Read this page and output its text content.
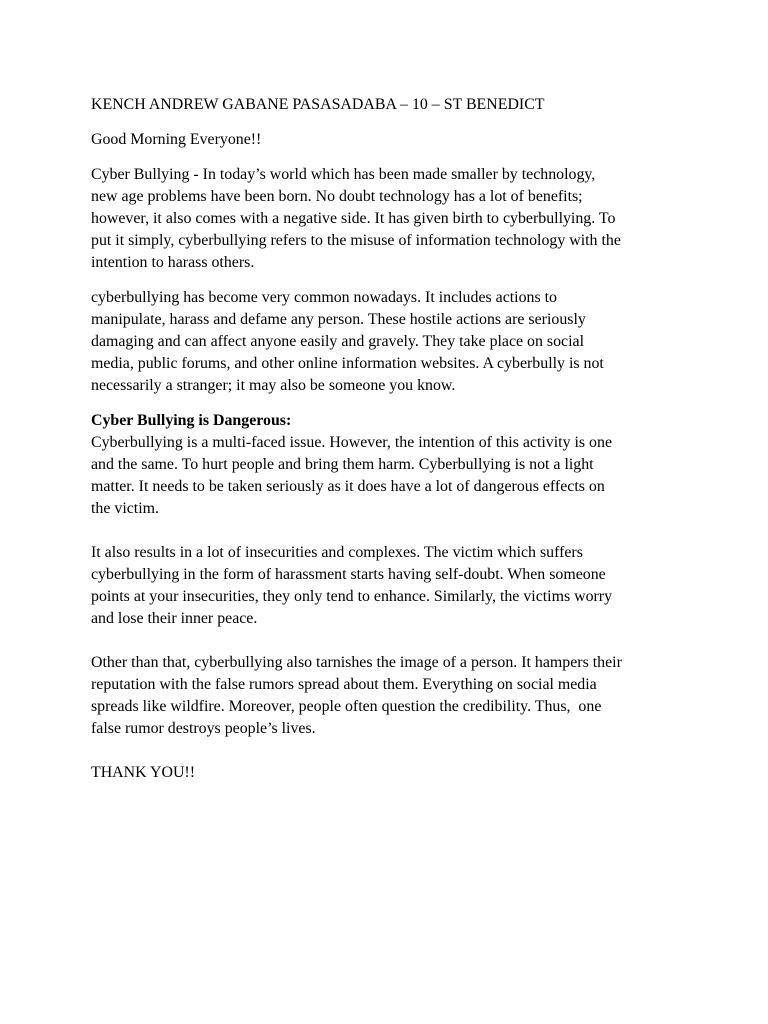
KENCH ANDREW GABANE PASASADABA – 10 – ST BENEDICT
Good Morning Everyone!!
Cyber Bullying - In today’s world which has been made smaller by technology,
new age problems have been born. No doubt technology has a lot of benefits;
however, it also comes with a negative side. It has given birth to cyberbullying. To
put it simply, cyberbullying refers to the misuse of information technology with the
intention to harass others.
cyberbullying has become very common nowadays. It includes actions to
manipulate, harass and defame any person. These hostile actions are seriously
damaging and can affect anyone easily and gravely. They take place on social
media, public forums, and other online information websites. A cyberbully is not
necessarily a stranger; it may also be someone you know.
Cyber Bullying is Dangerous:
Cyberbullying is a multi-faced issue. However, the intention of this activity is one
and the same. To hurt people and bring them harm. Cyberbullying is not a light
matter. It needs to be taken seriously as it does have a lot of dangerous effects on
the victim.
It also results in a lot of insecurities and complexes. The victim which suffers
cyberbullying in the form of harassment starts having self-doubt. When someone
points at your insecurities, they only tend to enhance. Similarly, the victims worry
and lose their inner peace.
Other than that, cyberbullying also tarnishes the image of a person. It hampers their
reputation with the false rumors spread about them. Everything on social media
spreads like wildfire. Moreover, people often question the credibility. Thus,  one
false rumor destroys people’s lives.
THANK YOU!!
